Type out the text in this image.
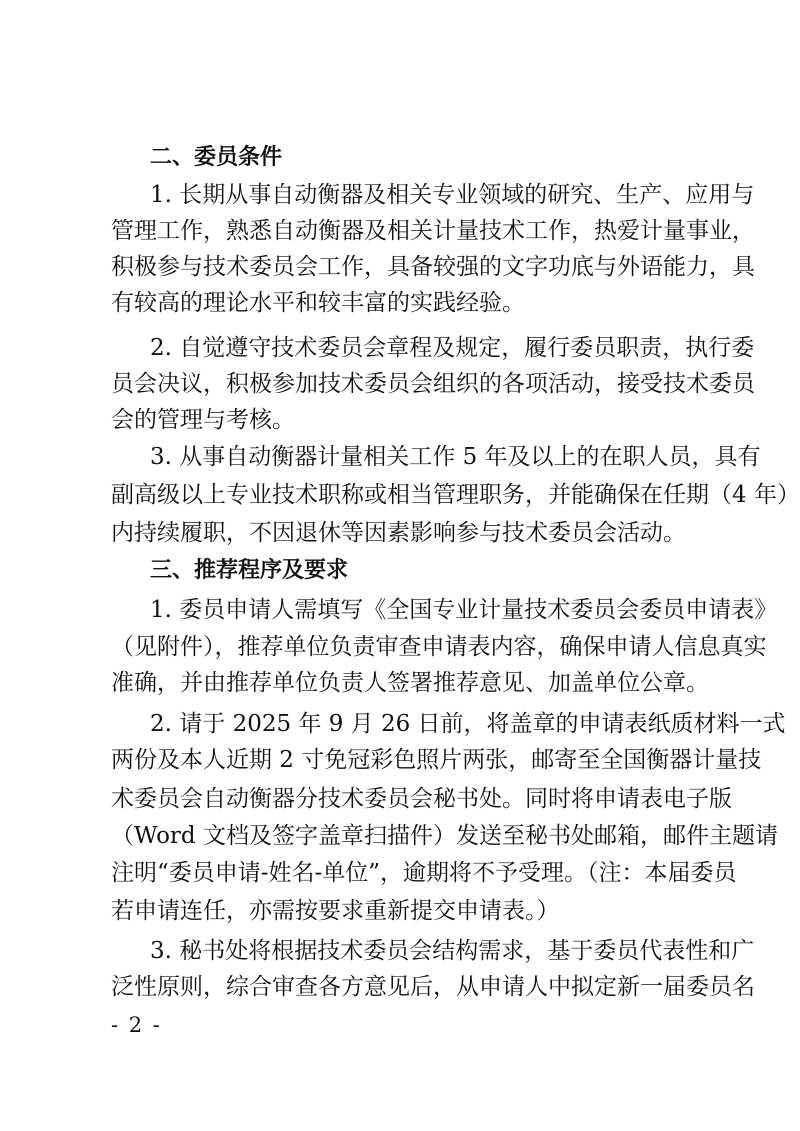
二、委员条件
1. 长期从事自动衡器及相关专业领域的研究、生产、应用与
管理工作，熟悉自动衡器及相关计量技术工作，热爱计量事业，
积极参与技术委员会工作，具备较强的文字功底与外语能力，具
有较高的理论水平和较丰富的实践经验。
2. 自觉遵守技术委员会章程及规定，履行委员职责，执行委
员会决议，积极参加技术委员会组织的各项活动，接受技术委员
会的管理与考核。
3. 从事自动衡器计量相关工作 5 年及以上的在职人员，具有
副高级以上专业技术职称或相当管理职务，并能确保在任期（4 年）
内持续履职，不因退休等因素影响参与技术委员会活动。
三、推荐程序及要求
1. 委员申请人需填写《全国专业计量技术委员会委员申请表》
（见附件），推荐单位负责审查申请表内容，确保申请人信息真实
准确，并由推荐单位负责人签署推荐意见、加盖单位公章。
2. 请于 2025 年 9 月 26 日前，将盖章的申请表纸质材料一式
两份及本人近期 2 寸免冠彩色照片两张，邮寄至全国衡器计量技
术委员会自动衡器分技术委员会秘书处。同时将申请表电子版
（Word 文档及签字盖章扫描件）发送至秘书处邮箱，邮件主题请
注明“委员申请-姓名-单位”，逾期将不予受理。（注：本届委员
若申请连任，亦需按要求重新提交申请表。）
3. 秘书处将根据技术委员会结构需求，基于委员代表性和广
泛性原则，综合审查各方意见后，从申请人中拟定新一届委员名
- 2 -
